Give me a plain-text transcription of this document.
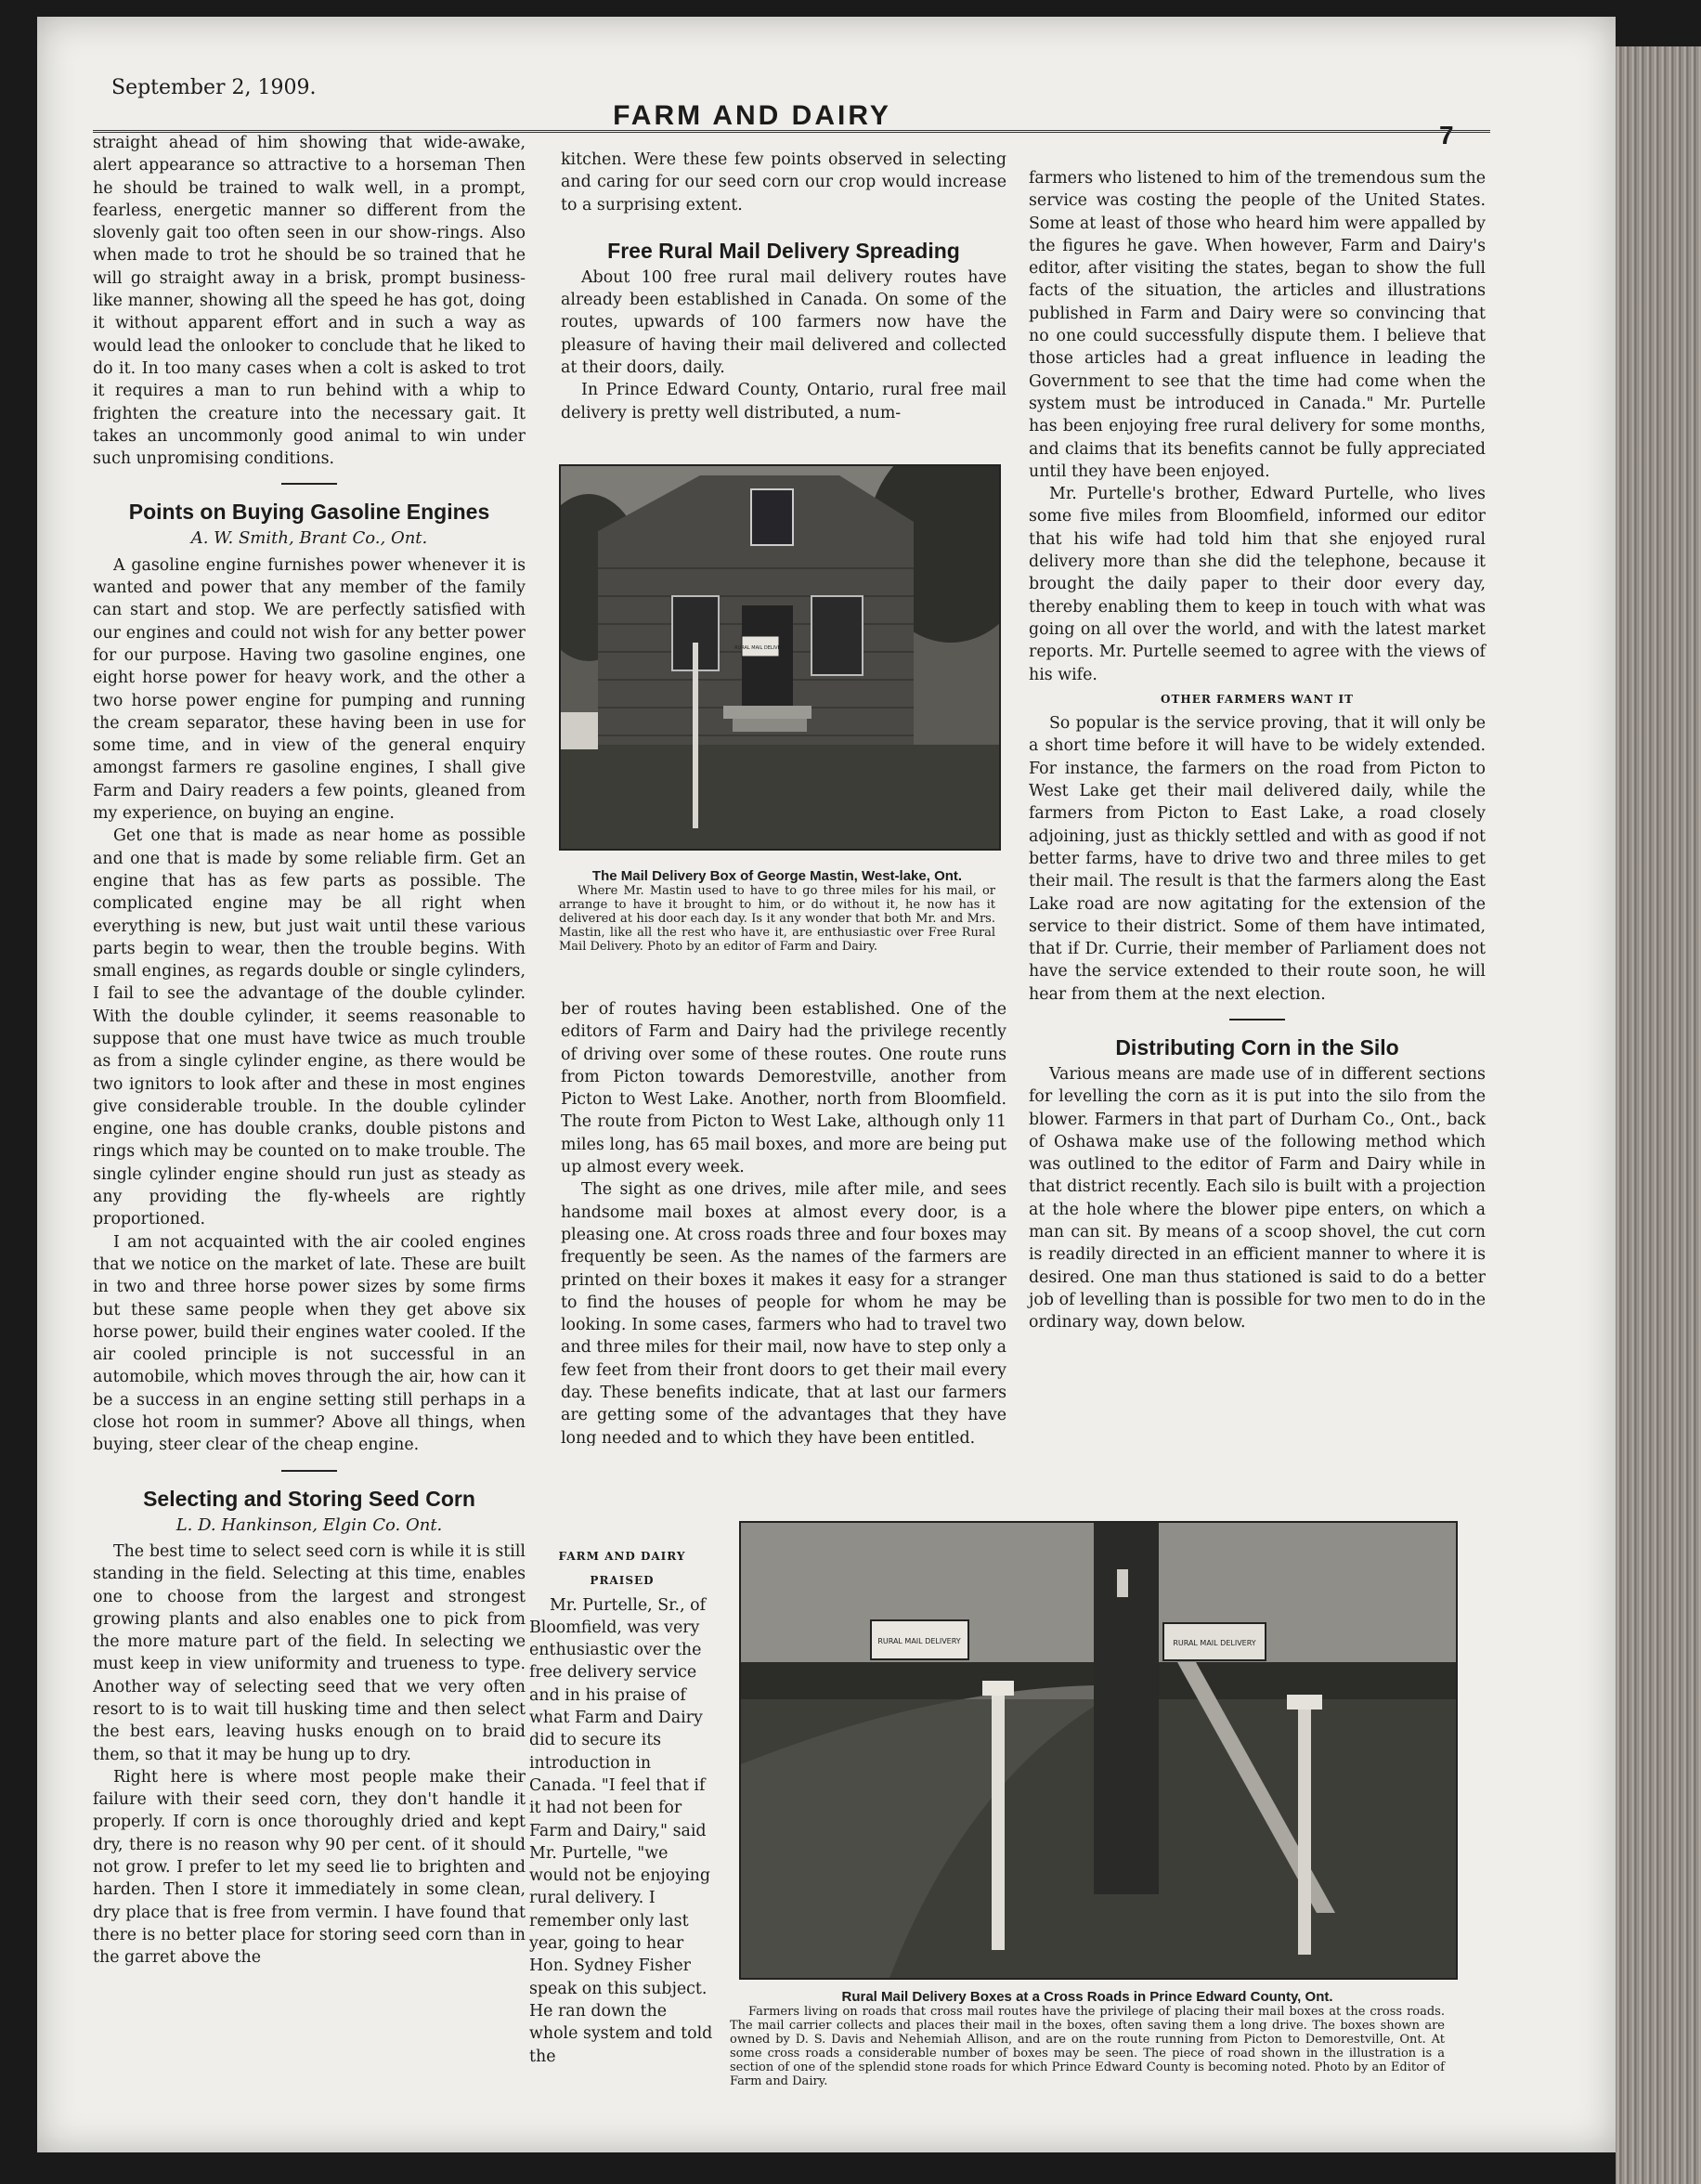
September 2, 1909.
FARM AND DAIRY
7

straight ahead of him showing that wide-awake, alert appearance so attractive to a horseman Then he should be trained to walk well, in a prompt, fearless, energetic manner so different from the slovenly gait too often seen in our show-rings. Also when made to trot he should be so trained that he will go straight away in a brisk, prompt business-like manner, showing all the speed he has got, doing it without apparent effort and in such a way as would lead the onlooker to conclude that he liked to do it. In too many cases when a colt is asked to trot it requires a man to run behind with a whip to frighten the creature into the necessary gait. It takes an uncommonly good animal to win under such unpromising conditions.

Points on Buying Gasoline Engines
A. W. Smith, Brant Co., Ont.

A gasoline engine furnishes power whenever it is wanted and power that any member of the family can start and stop. We are perfectly satisfied with our engines and could not wish for any better power for our purpose. Having two gasoline engines, one eight horse power for heavy work, and the other a two horse power engine for pumping and running the cream separator, these having been in use for some time, and in view of the general enquiry amongst farmers re gasoline engines, I shall give Farm and Dairy readers a few points, gleaned from my experience, on buying an engine.

Get one that is made as near home as possible and one that is made by some reliable firm. Get an engine that has as few parts as possible. The complicated engine may be all right when everything is new, but just wait until these various parts begin to wear, then the trouble begins. With small engines, as regards double or single cylinders, I fail to see the advantage of the double cylinder. With the double cylinder, it seems reasonable to suppose that one must have twice as much trouble as from a single cylinder engine, as there would be two ignitors to look after and these in most engines give considerable trouble. In the double cylinder engine, one has double cranks, double pistons and rings which may be counted on to make trouble. The single cylinder engine should run just as steady as any providing the fly-wheels are rightly proportioned.

I am not acquainted with the air cooled engines that we notice on the market of late. These are built in two and three horse power sizes by some firms but these same people when they get above six horse power, build their engines water cooled. If the air cooled principle is not successful in an automobile, which moves through the air, how can it be a success in an engine setting still perhaps in a close hot room in summer? Above all things, when buying, steer clear of the cheap engine.

Selecting and Storing Seed Corn
L. D. Hankinson, Elgin Co. Ont.

The best time to select seed corn is while it is still standing in the field. Selecting at this time, enables one to choose from the largest and strongest growing plants and also enables one to pick from the more mature part of the field. In selecting we must keep in view uniformity and trueness to type. Another way of selecting seed that we very often resort to is to wait till husking time and then select the best ears, leaving husks enough on to braid them, so that it may be hung up to dry.

Right here is where most people make their failure with their seed corn, they don't handle it properly. If corn is once thoroughly dried and kept dry, there is no reason why 90 per cent. of it should not grow. I prefer to let my seed lie to brighten and harden. Then I store it immediately in some clean, dry place that is free from vermin. I have found that there is no better place for storing seed corn than in the garret above the

kitchen. Were these few points observed in selecting and caring for our seed corn our crop would increase to a surprising extent.

Free Rural Mail Delivery Spreading

About 100 free rural mail delivery routes have already been established in Canada. On some of the routes, upwards of 100 farmers now have the pleasure of having their mail delivered and collected at their doors, daily.

In Prince Edward County, Ontario, rural free mail delivery is pretty well distributed, a num-

RURAL MAIL DELIVERY
The Mail Delivery Box of George Mastin, West-lake, Ont.
Where Mr. Mastin used to have to go three miles for his mail, or arrange to have it brought to him, or do without it, he now has it delivered at his door each day. Is it any wonder that both Mr. and Mrs. Mastin, like all the rest who have it, are enthusiastic over Free Rural Mail Delivery. Photo by an editor of Farm and Dairy.

ber of routes having been established. One of the editors of Farm and Dairy had the privilege recently of driving over some of these routes. One route runs from Picton towards Demorestville, another from Picton to West Lake. Another, north from Bloomfield. The route from Picton to West Lake, although only 11 miles long, has 65 mail boxes, and more are being put up almost every week.

The sight as one drives, mile after mile, and sees handsome mail boxes at almost every door, is a pleasing one. At cross roads three and four boxes may frequently be seen. As the names of the farmers are printed on their boxes it makes it easy for a stranger to find the houses of people for whom he may be looking. In some cases, farmers who had to travel two and three miles for their mail, now have to step only a few feet from their front doors to get their mail every day. These benefits indicate, that at last our farmers are getting some of the advantages that they have long needed and to which they have been entitled.

FARM AND DAIRY
PRAISED

Mr. Purtelle, Sr., of Bloomfield, was very enthusiastic over the free delivery service and in his praise of what Farm and Dairy did to secure its introduction in Canada. "I feel that if it had not been for Farm and Dairy," said Mr. Purtelle, "we would not be enjoying rural delivery. I remember only last year, going to hear Hon. Sydney Fisher speak on this subject. He ran down the whole system and told the

farmers who listened to him of the tremendous sum the service was costing the people of the United States. Some at least of those who heard him were appalled by the figures he gave. When however, Farm and Dairy's editor, after visiting the states, began to show the full facts of the situation, the articles and illustrations published in Farm and Dairy were so convincing that no one could successfully dispute them. I believe that those articles had a great influence in leading the Government to see that the time had come when the system must be introduced in Canada." Mr. Purtelle has been enjoying free rural delivery for some months, and claims that its benefits cannot be fully appreciated until they have been enjoyed.

Mr. Purtelle's brother, Edward Purtelle, who lives some five miles from Bloomfield, informed our editor that his wife had told him that she enjoyed rural delivery more than she did the telephone, because it brought the daily paper to their door every day, thereby enabling them to keep in touch with what was going on all over the world, and with the latest market reports. Mr. Purtelle seemed to agree with the views of his wife.

OTHER FARMERS WANT IT

So popular is the service proving, that it will only be a short time before it will have to be widely extended. For instance, the farmers on the road from Picton to West Lake get their mail delivered daily, while the farmers from Picton to East Lake, a road closely adjoining, just as thickly settled and with as good if not better farms, have to drive two and three miles to get their mail. The result is that the farmers along the East Lake road are now agitating for the extension of the service to their district. Some of them have intimated, that if Dr. Currie, their member of Parliament does not have the service extended to their route soon, he will hear from them at the next election.

Distributing Corn in the Silo

Various means are made use of in different sections for levelling the corn as it is put into the silo from the blower. Farmers in that part of Durham Co., Ont., back of Oshawa make use of the following method which was outlined to the editor of Farm and Dairy while in that district recently. Each silo is built with a projection at the hole where the blower pipe enters, on which a man can sit. By means of a scoop shovel, the cut corn is readily directed in an efficient manner to where it is desired. One man thus stationed is said to do a better job of levelling than is possible for two men to do in the ordinary way, down below.

RURAL MAIL DELIVERY	RURAL MAIL DELIVERY
Rural Mail Delivery Boxes at a Cross Roads in Prince Edward County, Ont.
Farmers living on roads that cross mail routes have the privilege of placing their mail boxes at the cross roads. The mail carrier collects and places their mail in the boxes, often saving them a long drive. The boxes shown are owned by D. S. Davis and Nehemiah Allison, and are on the route running from Picton to Demorestville, Ont. At some cross roads a considerable number of boxes may be seen. The piece of road shown in the illustration is a section of one of the splendid stone roads for which Prince Edward County is becoming noted. Photo by an Editor of Farm and Dairy.
